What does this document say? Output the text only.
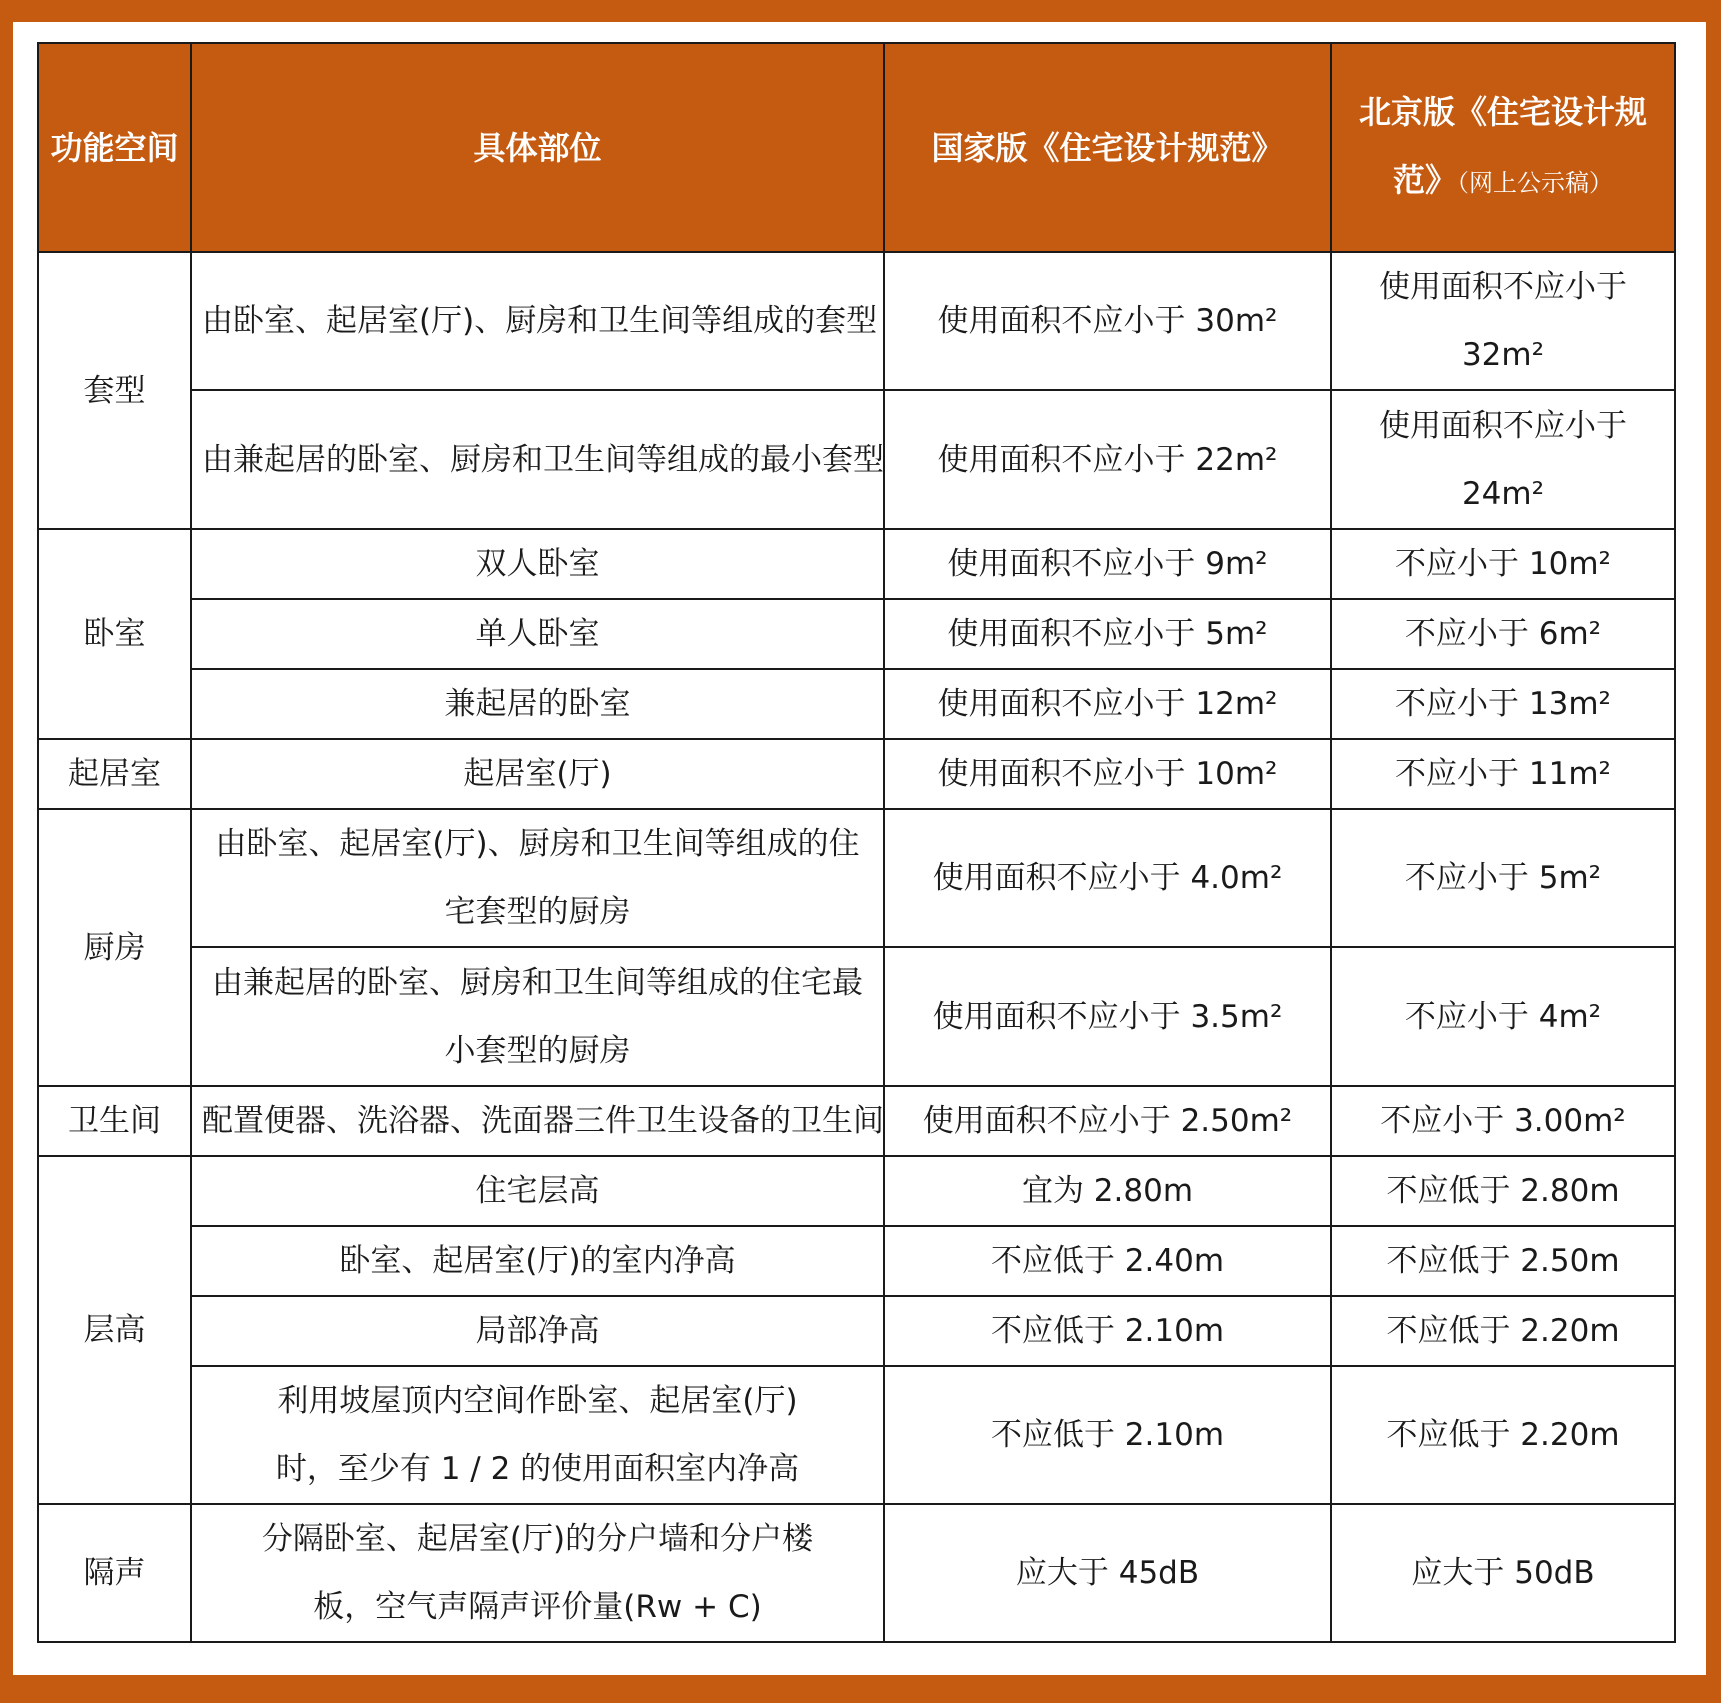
功能空间	具体部位	国家版《住宅设计规范》	北京版《住宅设计规范》（网上公示稿）
套型	由卧室、起居室(厅)、厨房和卫生间等组成的套型	使用面积不应小于 30m²	使用面积不应小于 32m²
	由兼起居的卧室、厨房和卫生间等组成的最小套型	使用面积不应小于 22m²	使用面积不应小于 24m²
卧室	双人卧室	使用面积不应小于 9m²	不应小于 10m²
	单人卧室	使用面积不应小于 5m²	不应小于 6m²
	兼起居的卧室	使用面积不应小于 12m²	不应小于 13m²
起居室	起居室(厅)	使用面积不应小于 10m²	不应小于 11m²
厨房	由卧室、起居室(厅)、厨房和卫生间等组成的住宅套型的厨房	使用面积不应小于 4.0m²	不应小于 5m²
	由兼起居的卧室、厨房和卫生间等组成的住宅最小套型的厨房	使用面积不应小于 3.5m²	不应小于 4m²
卫生间	配置便器、洗浴器、洗面器三件卫生设备的卫生间	使用面积不应小于 2.50m²	不应小于 3.00m²
层高	住宅层高	宜为 2.80m	不应低于 2.80m
	卧室、起居室(厅)的室内净高	不应低于 2.40m	不应低于 2.50m
	局部净高	不应低于 2.10m	不应低于 2.20m
	利用坡屋顶内空间作卧室、起居室(厅)时，至少有 1 / 2 的使用面积室内净高	不应低于 2.10m	不应低于 2.20m
隔声	分隔卧室、起居室(厅)的分户墙和分户楼板，空气声隔声评价量(Rw + C)	应大于 45dB	应大于 50dB
